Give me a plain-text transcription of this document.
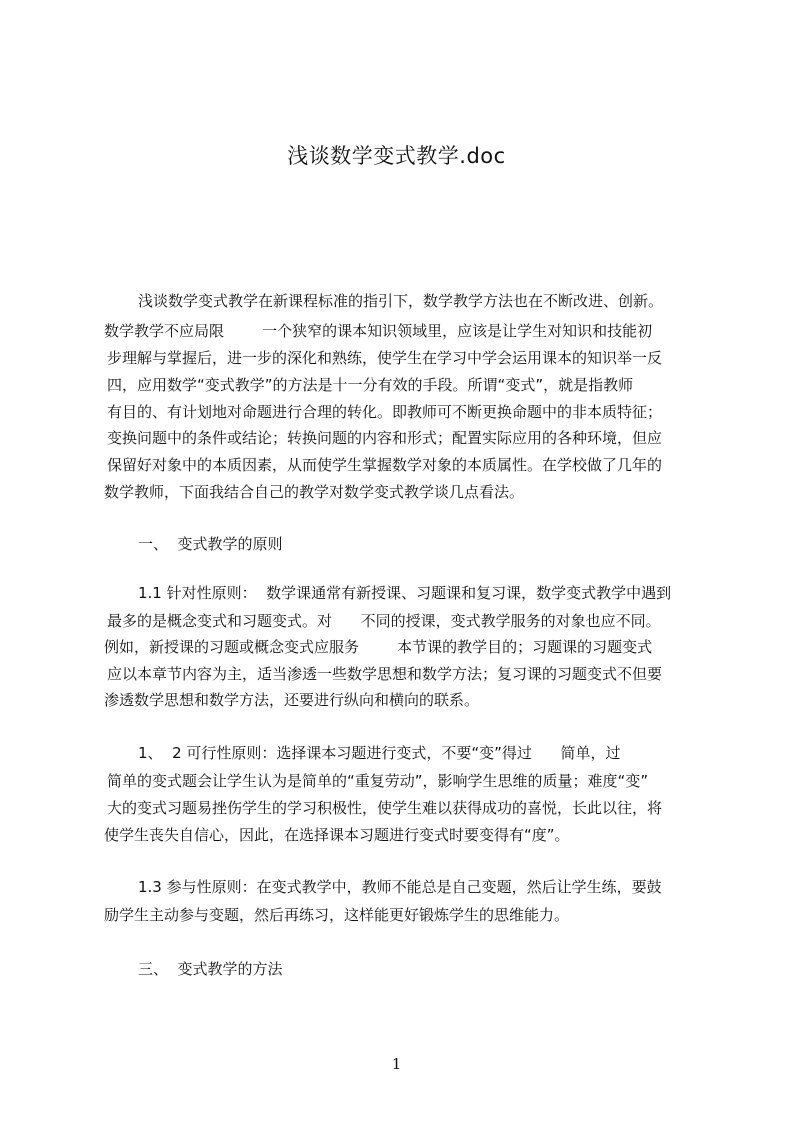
浅谈数学变式教学.doc
浅谈数学变式教学在新课程标准的指引下，数学教学方法也在不断改进、创新。
数学教学不应局限        一个狭窄的课本知识领域里，应该是让学生对知识和技能初
步理解与掌握后，进一步的深化和熟练，使学生在学习中学会运用课本的知识举一反
四，应用数学“变式教学”的方法是十一分有效的手段。所谓“变式”，就是指教师
有目的、有计划地对命题进行合理的转化。即教师可不断更换命题中的非本质特征；
变换问题中的条件或结论；转换问题的内容和形式；配置实际应用的各种环境，但应
保留好对象中的本质因素，从而使学生掌握数学对象的本质属性。在学校做了几年的
数学教师，下面我结合自己的教学对数学变式教学谈几点看法。
一、  变式教学的原则
1.1 针对性原则：  数学课通常有新授课、习题课和复习课，数学变式教学中遇到
最多的是概念变式和习题变式。对      不同的授课，变式教学服务的对象也应不同。
例如，新授课的习题或概念变式应服务        本节课的教学目的；习题课的习题变式
应以本章节内容为主，适当渗透一些数学思想和数学方法；复习课的习题变式不但要
渗透数学思想和数学方法，还要进行纵向和横向的联系。
1、  2 可行性原则：选择课本习题进行变式，不要“变”得过      简单，过
简单的变式题会让学生认为是简单的“重复劳动”，影响学生思维的质量；难度“变”
大的变式习题易挫伤学生的学习积极性，使学生难以获得成功的喜悦，长此以往，将
使学生丧失自信心，因此，在选择课本习题进行变式时要变得有“度”。
1.3 参与性原则：在变式教学中，教师不能总是自己变题，然后让学生练，要鼓
励学生主动参与变题，然后再练习，这样能更好锻炼学生的思维能力。
三、  变式教学的方法
1
